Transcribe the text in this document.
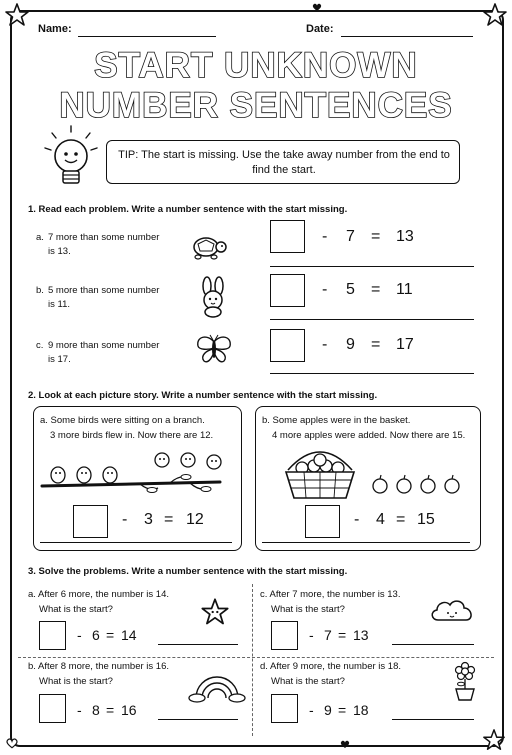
Name:	Date:
START UNKNOWN
NUMBER SENTENCES
TIP: The start is missing. Use the take away number from the end to find the start.
1. Read each problem. Write a number sentence with the start missing.
a. 7 more than some number
is 13.
- 7 = 13
b. 5 more than some number
is 11.
- 5 = 11
c. 9 more than some number
is 17.
- 9 = 17
2. Look at each picture story. Write a number sentence with the start missing.
a. Some birds were sitting on a branch.
3 more birds flew in. Now there are 12.
- 3 = 12
b. Some apples were in the basket.
4 more apples were added. Now there are 15.
- 4 = 15
3. Solve the problems. Write a number sentence with the start missing.
a. After 6 more, the number is 14.
What is the start?
- 6 = 14
c. After 7 more, the number is 13.
What is the start?
- 7 = 13
b. After 8 more, the number is 16.
What is the start?
- 8 = 16
d. After 9 more, the number is 18.
What is the start?
- 9 = 18
